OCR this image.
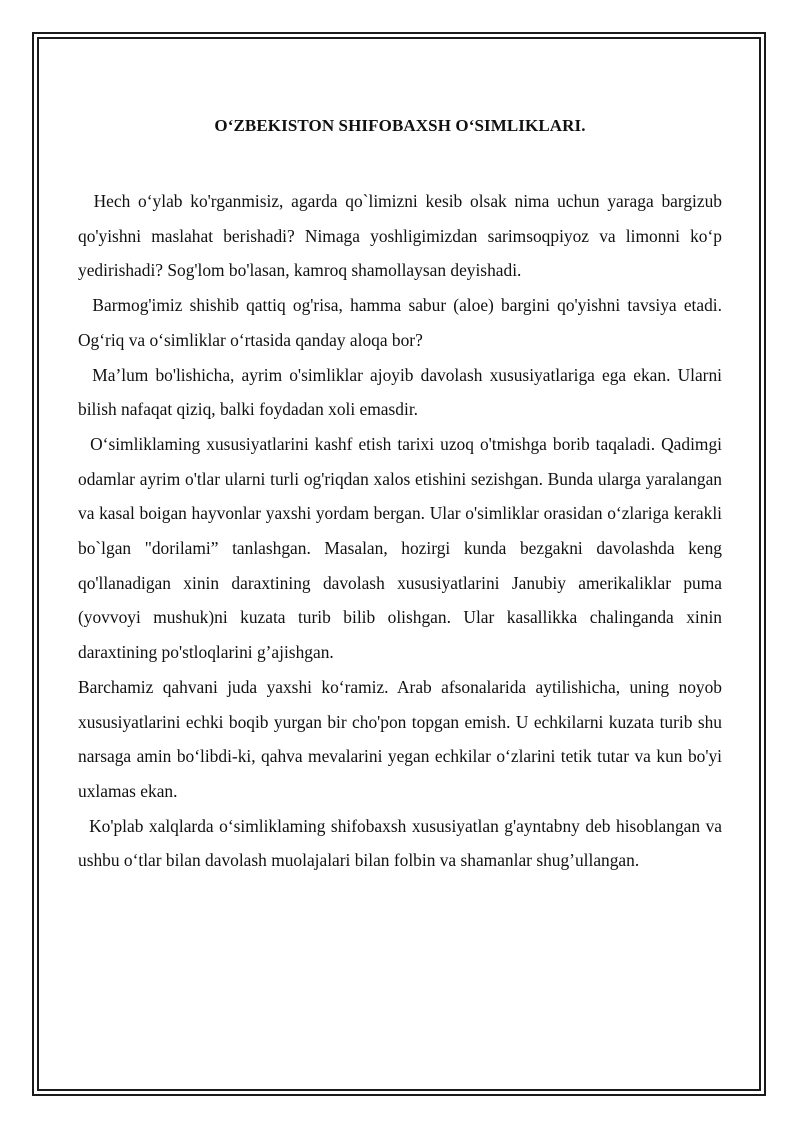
O‘ZBEKISTON SHIFOBAXSH O‘SIMLIKLARI.

Hech o‘ylab ko'rganmisiz, agarda qo`limizni kesib olsak nima uchun yaraga bargizub qo'yishni maslahat berishadi? Nimaga yoshligimizdan sarimsoqpiyoz va limonni ko‘p yedirishadi? Sog'lom bo'lasan, kamroq shamollaysan deyishadi.

Barmog'imiz shishib qattiq og'risa, hamma sabur (aloe) bargini qo'yishni tavsiya etadi. Og‘riq va o‘simliklar o‘rtasida qanday aloqa bor?

Ma’lum bo'lishicha, ayrim o'simliklar ajoyib davolash xususiyatlariga ega ekan. Ularni bilish nafaqat qiziq, balki foydadan xoli emasdir.

O‘simliklaming xususiyatlarini kashf etish tarixi uzoq o'tmishga borib taqaladi. Qadimgi odamlar ayrim o'tlar ularni turli og'riqdan xalos etishini sezishgan. Bunda ularga yaralangan va kasal boigan hayvonlar yaxshi yordam bergan. Ular o'simliklar orasidan o‘zlariga kerakli bo`lgan "dorilami” tanlashgan. Masalan, hozirgi kunda bezgakni davolashda keng qo'llanadigan xinin daraxtining davolash xususiyatlarini Janubiy amerikaliklar puma (yovvoyi mushuk)ni kuzata turib bilib olishgan. Ular kasallikka chalinganda xinin daraxtining po'stloqlarini g’ajishgan.

Barchamiz qahvani juda yaxshi ko‘ramiz. Arab afsonalarida aytilishicha, uning noyob xususiyatlarini echki boqib yurgan bir cho'pon topgan emish. U echkilarni kuzata turib shu narsaga amin bo‘libdi-ki, qahva mevalarini yegan echkilar o‘zlarini tetik tutar va kun bo'yi uxlamas ekan.

Ko'plab xalqlarda o‘simliklaming shifobaxsh xususiyatlan g'ayntabny deb hisoblangan va ushbu o‘tlar bilan davolash muolajalari bilan folbin va shamanlar shug’ullangan.
